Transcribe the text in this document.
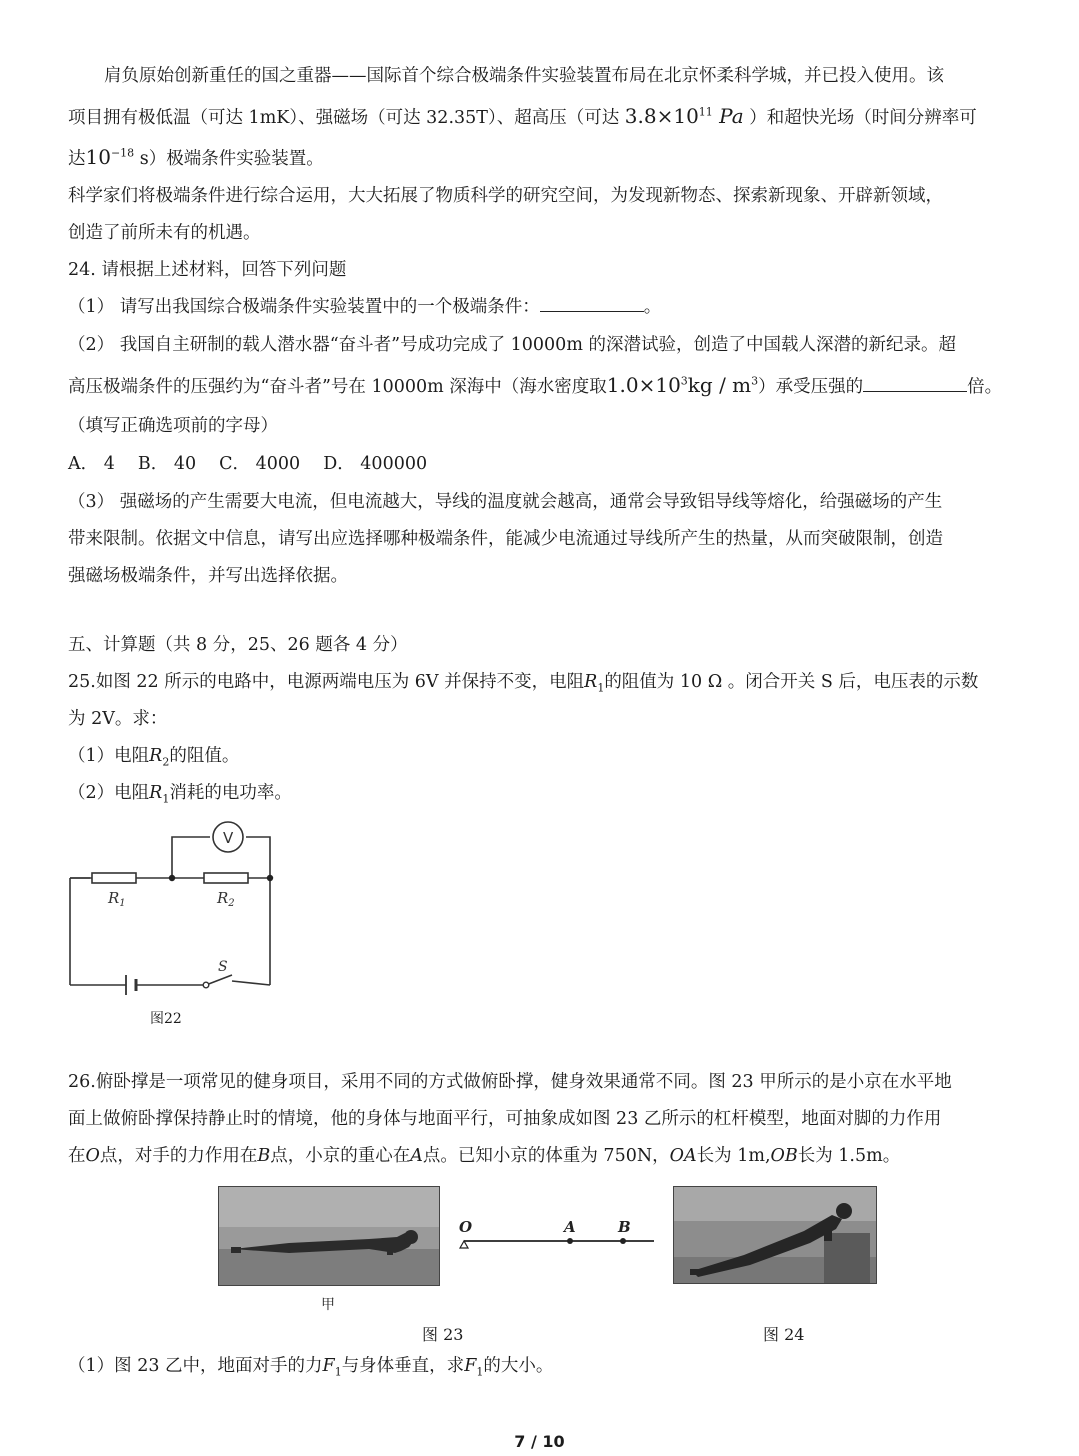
肩负原始创新重任的国之重器——国际首个综合极端条件实验装置布局在北京怀柔科学城，并已投入使用。该
项目拥有极低温（可达 1mK）、强磁场（可达 32.35T）、超高压（可达 $3.8\times 10^{11}$ Pa ）和超快光场（时间分辨率可
达$10^{-18}$ s）极端条件实验装置。
科学家们将极端条件进行综合运用，大大拓展了物质科学的研究空间，为发现新物态、探索新现象、开辟新领域，
创造了前所未有的机遇。
24. 请根据上述材料，回答下列问题
（1） 请写出我国综合极端条件实验装置中的一个极端条件：	。
（2） 我国自主研制的载人潜水器“奋斗者”号成功完成了 10000m 的深潜试验，创造了中国载人深潜的新纪录。超
高压极端条件的压强约为“奋斗者”号在 10000m 深海中（海水密度取$1.0\times 10^3kg / m^3$）承受压强的	倍。
（填写正确选项前的字母）
A． 4　 B． 40　 C． 4000　 D． 400000
（3） 强磁场的产生需要大电流，但电流越大，导线的温度就会越高，通常会导致铝导线等熔化，给强磁场的产生
带来限制。依据文中信息，请写出应选择哪种极端条件，能减少电流通过导线所产生的热量，从而突破限制，创造
强磁场极端条件，并写出选择依据。
五、计算题（共 8 分，25、26 题各 4 分）
25.如图 22 所示的电路中，电源两端电压为 6V 并保持不变，电阻$R_1$的阻值为 10 Ω 。闭合开关 S 后，电压表的示数
为 2V。求：
（1）电阻$R_2$的阻值。
（2）电阻$R_1$消耗的电功率。
V
$R_1$	$R_2$
S
图22
26.俯卧撑是一项常见的健身项目，采用不同的方式做俯卧撑，健身效果通常不同。图 23 甲所示的是小京在水平地
面上做俯卧撑保持静止时的情境，他的身体与地面平行，可抽象成如图 23 乙所示的杠杆模型，地面对脚的力作用
在O点，对手的力作用在B点，小京的重心在A点。已知小京的体重为 750N，OA长为 1m,OB长为 1.5m。
甲
O	A	B
图 23	图 24
（1）图 23 乙中，地面对手的力$F_1$与身体垂直，求$F_1$的大小。
7 / 10
